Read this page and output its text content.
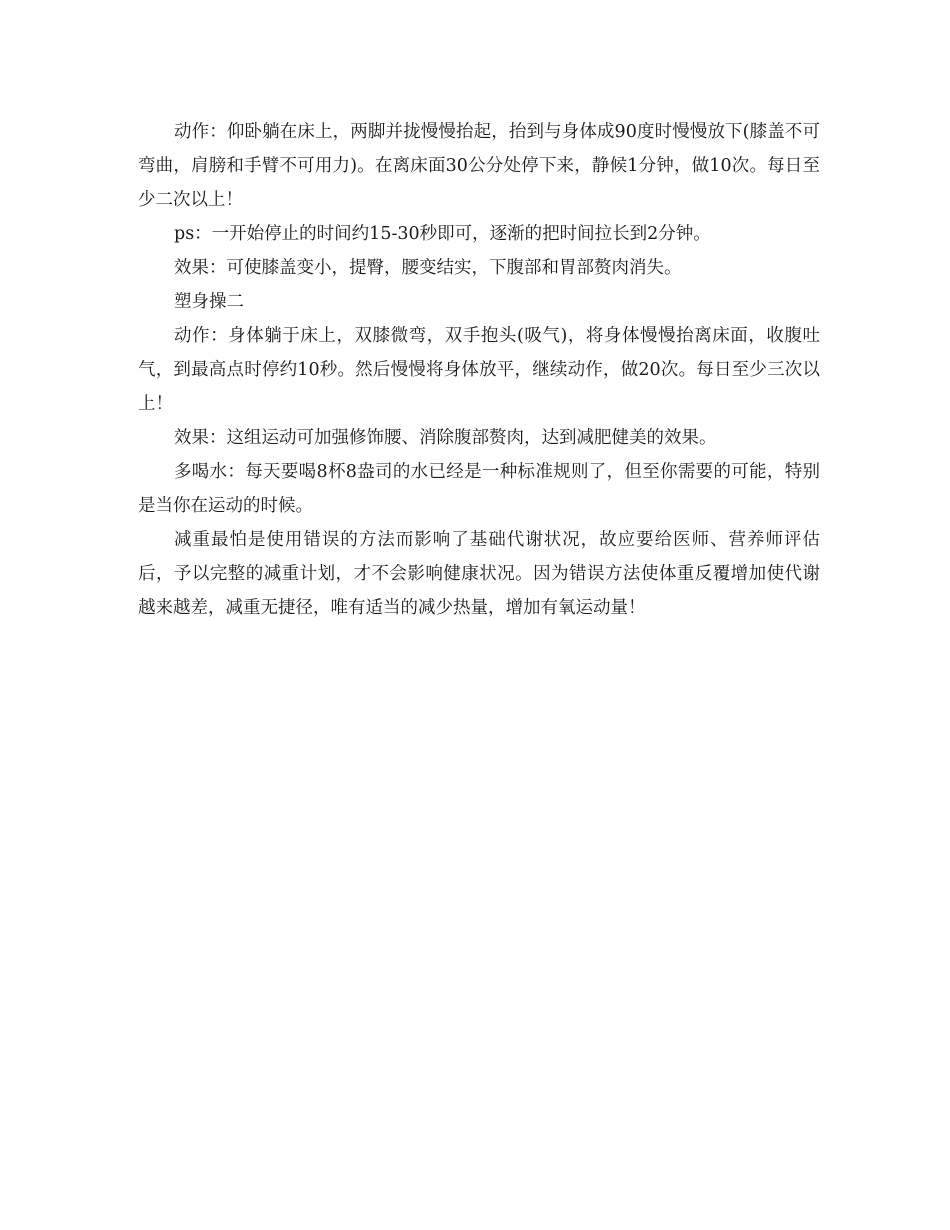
动作：仰卧躺在床上，两脚并拢慢慢抬起，抬到与身体成90度时慢慢放下(膝盖不可弯曲，肩膀和手臂不可用力)。在离床面30公分处停下来，静候1分钟，做10次。每日至少二次以上！

ps：一开始停止的时间约15-30秒即可，逐渐的把时间拉长到2分钟。

效果：可使膝盖变小，提臀，腰变结实，下腹部和胃部赘肉消失。

塑身操二

动作：身体躺于床上，双膝微弯，双手抱头(吸气)，将身体慢慢抬离床面，收腹吐气，到最高点时停约10秒。然后慢慢将身体放平，继续动作，做20次。每日至少三次以上！

效果：这组运动可加强修饰腰、消除腹部赘肉，达到减肥健美的效果。

多喝水：每天要喝8杯8盎司的水已经是一种标准规则了，但至你需要的可能，特别是当你在运动的时候。

减重最怕是使用错误的方法而影响了基础代谢状况，故应要给医师、营养师评估后，予以完整的减重计划，才不会影响健康状况。因为错误方法使体重反覆增加使代谢越来越差，减重无捷径，唯有适当的减少热量，增加有氧运动量！
